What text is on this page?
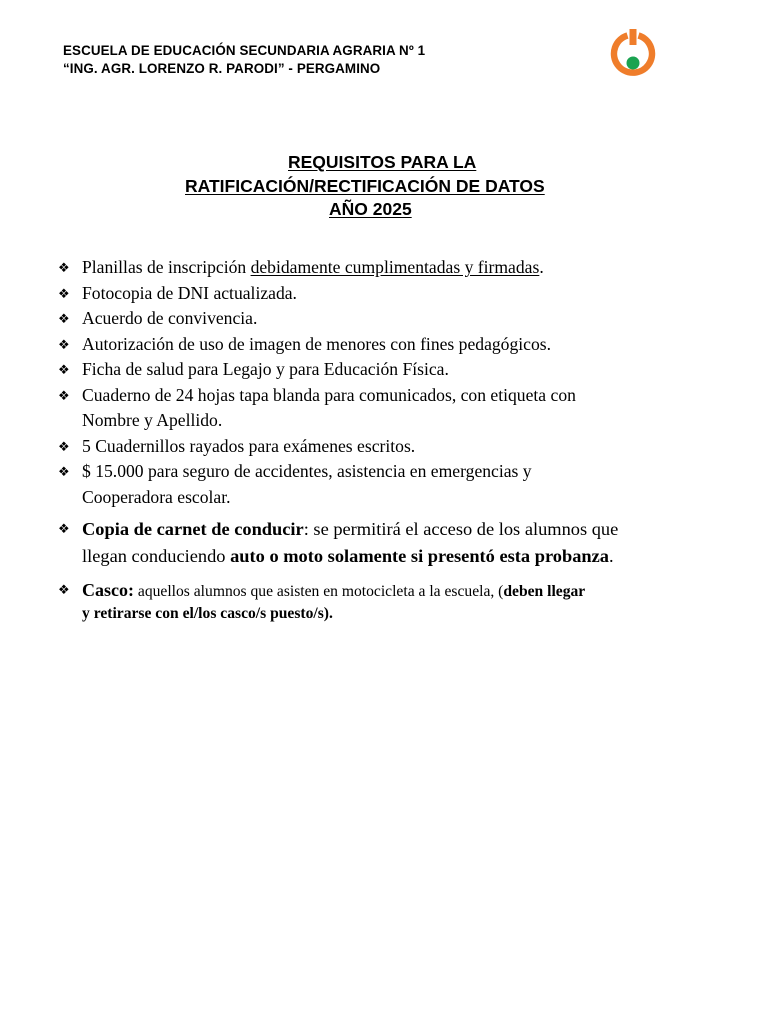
ESCUELA DE EDUCACIÓN SECUNDARIA AGRARIA Nº 1
“ING. AGR. LORENZO R. PARODI” - PERGAMINO
REQUISITOS PARA LA
RATIFICACIÓN/RECTIFICACIÓN DE DATOS
AÑO 2025
❖ Planillas de inscripción debidamente cumplimentadas y firmadas.
❖ Fotocopia de DNI actualizada.
❖ Acuerdo de convivencia.
❖ Autorización de uso de imagen de menores con fines pedagógicos.
❖ Ficha de salud para Legajo y para Educación Física.
❖ Cuaderno de 24 hojas tapa blanda para comunicados, con etiqueta con
Nombre y Apellido.
❖ 5 Cuadernillos rayados para exámenes escritos.
❖ $ 15.000 para seguro de accidentes, asistencia en emergencias y
Cooperadora escolar.
❖ Copia de carnet de conducir: se permitirá el acceso de los alumnos que
llegan conduciendo auto o moto solamente si presentó esta probanza.
❖ Casco: aquellos alumnos que asisten en motocicleta a la escuela, (deben llegar
y retirarse con el/los casco/s puesto/s).
